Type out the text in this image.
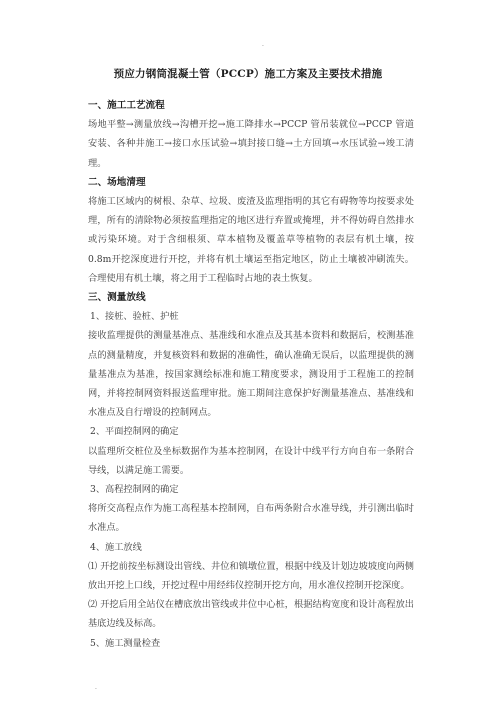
.
预应力钢筒混凝土管（PCCP）施工方案及主要技术措施

一、施工工艺流程

场地平整→测量放线→沟槽开挖→施工降排水→PCCP 管吊装就位→PCCP 管道安装、各种井施工→接口水压试验→填封接口缝→土方回填→水压试验→竣工清理。

二、场地清理

将施工区域内的树根、杂草、垃圾、废渣及监理指明的其它有碍物等均按要求处理，所有的清除物必须按监理指定的地区进行弃置或掩埋，并不得妨碍自然排水或污染环境。对于含细根须、草本植物及覆盖草等植物的表层有机土壤，按 0.8m开挖深度进行开挖，并将有机土壤运至指定地区，防止土壤被冲刷流失。合理使用有机土壤，将之用于工程临时占地的表土恢复。

三、测量放线

1、接桩、验桩、护桩

接收监理提供的测量基准点、基准线和水准点及其基本资料和数据后，校测基准点的测量精度，并复核资料和数据的准确性，确认准确无误后，以监理提供的测量基准点为基准，按国家测绘标准和施工精度要求，测设用于工程施工的控制网，并将控制网资料报送监理审批。施工期间注意保护好测量基准点、基准线和水准点及自行增设的控制网点。

2、平面控制网的确定

以监理所交桩位及坐标数据作为基本控制网，在设计中线平行方向自布一条附合导线，以满足施工需要。

3、高程控制网的确定

将所交高程点作为施工高程基本控制网，自布两条附合水准导线，并引测出临时水准点。

4、施工放线

⑴ 开挖前按坐标测设出管线、井位和镇墩位置，根据中线及计划边坡坡度向两侧放出开挖上口线，开挖过程中用经纬仪控制开挖方向，用水准仪控制开挖深度。

⑵ 开挖后用全站仪在槽底放出管线或井位中心桩，根据结构宽度和设计高程放出基底边线及标高。

5、施工测量检查

.
